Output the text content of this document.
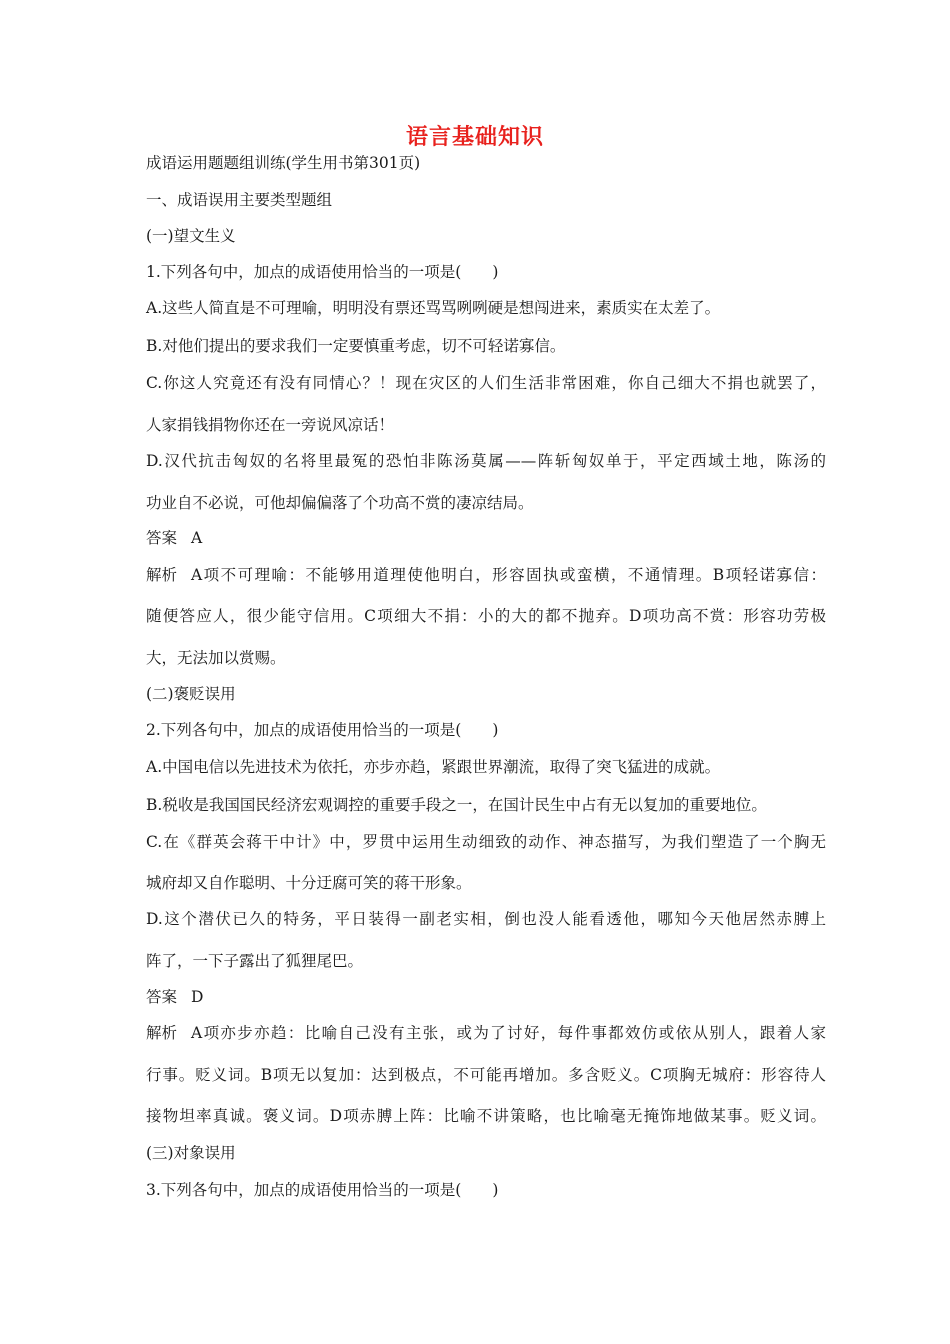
语言基础知识
成语运用题题组训练(学生用书第301页)
一、成语误用主要类型题组
(一)望文生义
1.下列各句中，加点的成语使用恰当的一项是(　　)
A.这些人简直是不可理喻，明明没有票还骂骂咧咧硬是想闯进来，素质实在太差了。
B.对他们提出的要求我们一定要慎重考虑，切不可轻诺寡信。
C.你这人究竟还有没有同情心？！现在灾区的人们生活非常困难，你自己细大不捐也就罢了，
人家捐钱捐物你还在一旁说风凉话！
D.汉代抗击匈奴的名将里最冤的恐怕非陈汤莫属——阵斩匈奴单于，平定西域土地，陈汤的
功业自不必说，可他却偏偏落了个功高不赏的凄凉结局。
答案 A
解析 A项不可理喻：不能够用道理使他明白，形容固执或蛮横，不通情理。B项轻诺寡信：
随便答应人，很少能守信用。C项细大不捐：小的大的都不抛弃。D项功高不赏：形容功劳极
大，无法加以赏赐。
(二)褒贬误用
2.下列各句中，加点的成语使用恰当的一项是(　　)
A.中国电信以先进技术为依托，亦步亦趋，紧跟世界潮流，取得了突飞猛进的成就。
B.税收是我国国民经济宏观调控的重要手段之一，在国计民生中占有无以复加的重要地位。
C.在《群英会蒋干中计》中，罗贯中运用生动细致的动作、神态描写，为我们塑造了一个胸无
城府却又自作聪明、十分迂腐可笑的蒋干形象。
D.这个潜伏已久的特务，平日装得一副老实相，倒也没人能看透他，哪知今天他居然赤膊上
阵了，一下子露出了狐狸尾巴。
答案 D
解析 A项亦步亦趋：比喻自己没有主张，或为了讨好，每件事都效仿或依从别人，跟着人家
行事。贬义词。B项无以复加：达到极点，不可能再增加。多含贬义。C项胸无城府：形容待人
接物坦率真诚。褒义词。D项赤膊上阵：比喻不讲策略，也比喻毫无掩饰地做某事。贬义词。
(三)对象误用
3.下列各句中，加点的成语使用恰当的一项是(　　)
